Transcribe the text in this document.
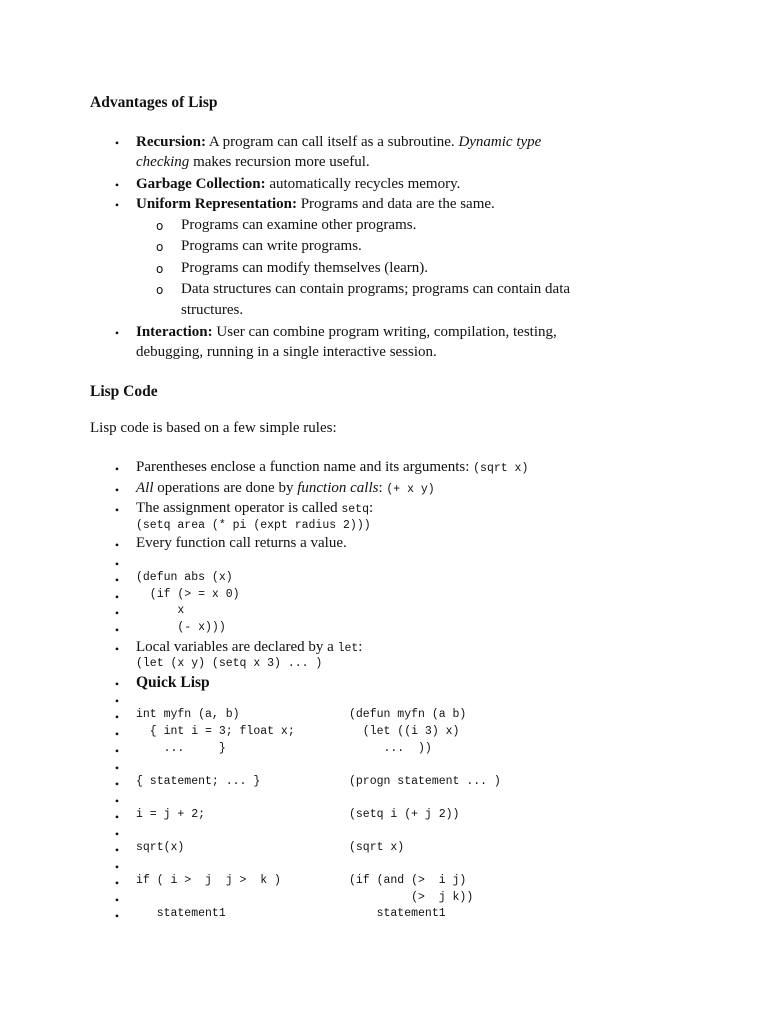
Advantages of Lisp
• Recursion: A program can call itself as a subroutine. Dynamic type
checking makes recursion more useful.
• Garbage Collection: automatically recycles memory.
• Uniform Representation: Programs and data are the same.
o Programs can examine other programs.
o Programs can write programs.
o Programs can modify themselves (learn).
o Data structures can contain programs; programs can contain data
structures.
• Interaction: User can combine program writing, compilation, testing,
debugging, running in a single interactive session.
Lisp Code
Lisp code is based on a few simple rules:
• Parentheses enclose a function name and its arguments: (sqrt x)
• All operations are done by function calls: (+ x y)
• The assignment operator is called setq:
(setq area (* pi (expt radius 2)))
• Every function call returns a value.
•
• (defun abs (x)
• (if (> = x 0)
• x
• (- x)))
• Local variables are declared by a let:
(let (x y) (setq x 3) ... )
• Quick Lisp
•
• int myfn (a, b)	(defun myfn (a b)
• { int i = 3; float x;	(let ((i 3) x)
• ...     }	...  ))
•
• { statement; ... }	(progn statement ... )
•
• i = j + 2;	(setq i (+ j 2))
•
• sqrt(x)	(sqrt x)
•
• if ( i >  j  j >  k )	(if (and (>  i j)
•	(>  j k))
• statement1	statement1
